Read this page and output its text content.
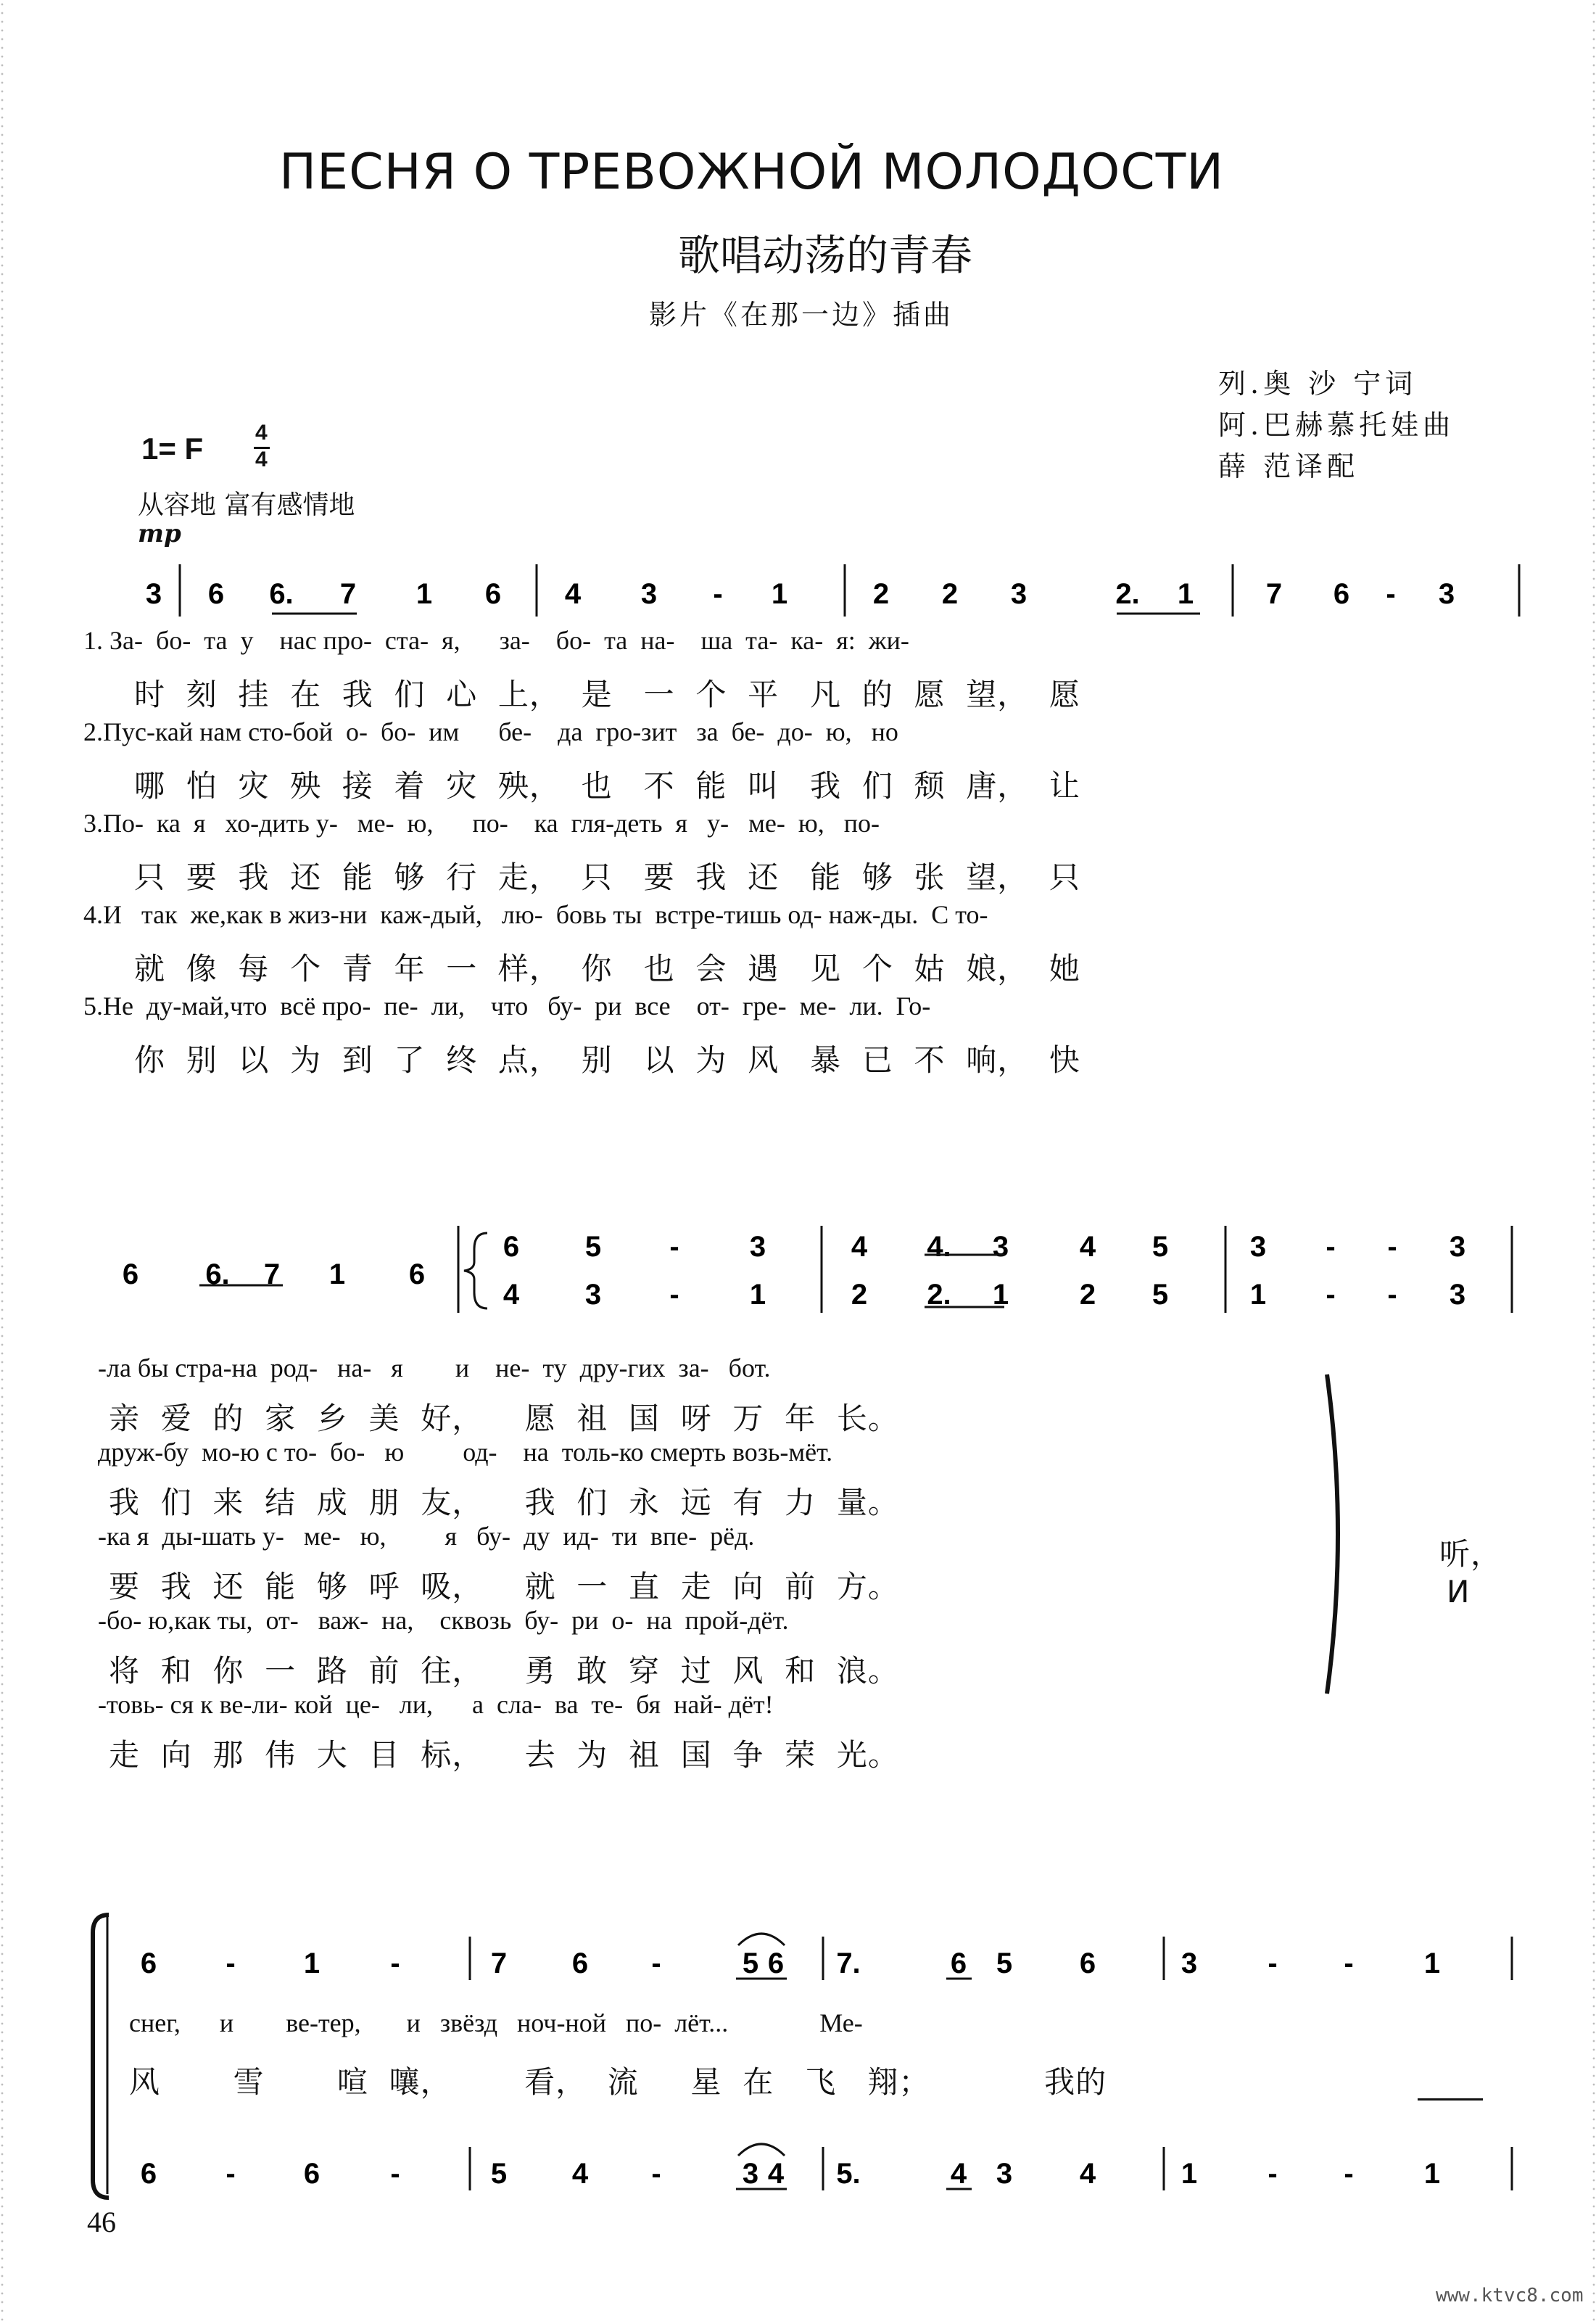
ПЕСНЯ О ТРЕВОЖНОЙ МОЛОДОСТИ
歌唱动荡的青春
影片《在那一边》插曲
列.奥 沙 宁词
阿.巴赫慕托娃曲
薛 范译配
1= F 4
4
从容地 富有感情地
mp
3 6 6. 7 1 6 4 3 - 1	2 2 3	2. 1 7 6 - 3
1. За-  бо-  та  у    нас про-  ста-  я,      за-    бо-  та  на-    ша  та-  ка-  я:  жи-
时  刻  挂  在  我  们  心  上，  是   一  个  平   凡  的  愿  望，  愿
2.Пус-кай нам сто-бой  о-  бо-  им      бе-    да  гро-зит   за  бе-  до-  ю,   но
哪  怕  灾  殃  接  着  灾  殃，  也   不  能  叫   我  们  颓  唐，  让
3.По-  ка  я   хо-дить у-   ме-  ю,      по-    ка  гля-деть  я   у-   ме-  ю,   по-
只  要  我  还  能  够  行  走，  只   要  我  还   能  够  张  望，  只
4.И   так  же,как в жиз-ни  каж-дый,   лю-  бовь ты  встре-тишь од- наж-ды.  С то-
就  像  每  个  青  年  一  样，  你   也  会  遇   见  个  姑  娘，  她
5.Не  ду-май,что  всё про-  пе-  ли,    что   бу-  ри  все    от-  гре-  ме-  ли.  Го-
你  别  以  为  到  了  终  点，  别   以  为  风   暴  已  不  响，  快
6 6. 7 1 6
6 5 - 3	4 4. 3 4 5	3 - - 3
4 3 - 1	2 2. 1 2 5	1 - - 3
-ла бы стра-на  род-   на-   я        и    не-  ту  дру-гих  за-   бот.
亲  爱  的  家  乡  美  好，    愿  祖  国  呀  万  年  长。
друж-бу  мо-ю с то-  бо-   ю         од-    на  толь-ко смерть возь-мёт.
我  们  来  结  成  朋  友，    我  们  永  远  有  力  量。
-ка я  ды-шать у-   ме-   ю,         я   бу-  ду  ид-  ти  впе-  рёд.
要  我  还  能  够  呼  吸，    就  一  直  走  向  前  方。
-бо- ю,как ты,  от-   важ-  на,    сквозь  бу-  ри  о-  на  прой-дёт.
将  和  你  一  路  前  往，    勇  敢  穿  过  风  和  浪。
-товь- ся к ве-ли- кой  це-   ли,      а  сла-  ва  те-  бя  най- дёт!
走  向  那  伟  大  目  标，    去  为  祖  国  争  荣  光。
听，
И
6 - 1 -	7 6 -	5 6 7.	6 5 6	3 - - 1
6 - 6 -	5 4 -	3 4 5.	4 3 4	1 - - 1
снег,      и        ве-тер,       и   звёзд   ноч-ной   по-  лёт...              Ме-
风       雪       喧  嚷，       看，  流     星  在   飞   翔；           我的
46
www.ktvc8.com
